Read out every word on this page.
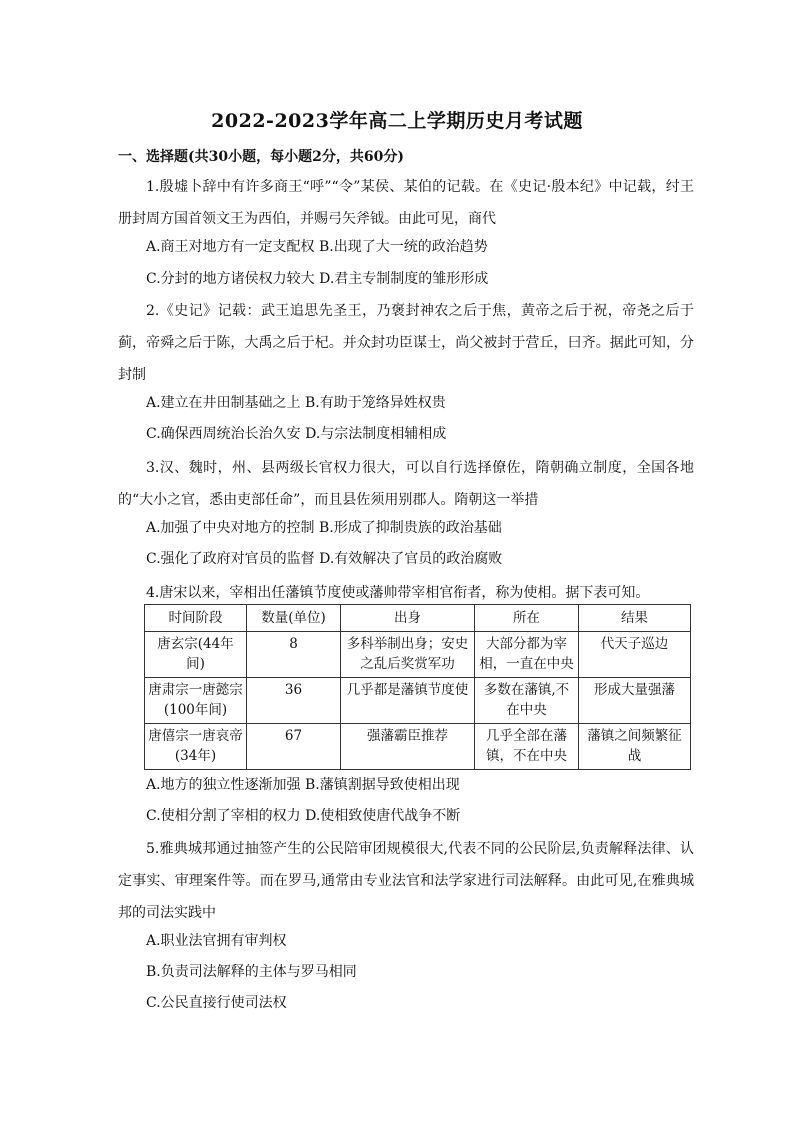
2022-2023学年高二上学期历史月考试题
一、选择题(共30小题，每小题2分，共60分)
1.殷墟卜辞中有许多商王“呼”“令”某侯、某伯的记载。在《史记·殷本纪》中记载，纣王册封周方国首领文王为西伯，并赐弓矢斧钺。由此可见，商代
A.商王对地方有一定支配权 B.出现了大一统的政治趋势
C.分封的地方诸侯权力较大 D.君主专制制度的雏形形成
2.《史记》记载：武王追思先圣王，乃褒封神农之后于焦，黄帝之后于祝，帝尧之后于蓟，帝舜之后于陈，大禹之后于杞。并众封功臣谋士，尚父被封于营丘，曰齐。据此可知，分封制
A.建立在井田制基础之上 B.有助于笼络异姓权贵
C.确保西周统治长治久安 D.与宗法制度相辅相成
3.汉、魏时，州、县两级长官权力很大，可以自行选择僚佐，隋朝确立制度，全国各地的“大小之官，悉由吏部任命”，而且县佐须用别郡人。隋朝这一举措
A.加强了中央对地方的控制 B.形成了抑制贵族的政治基础
C.强化了政府对官员的监督 D.有效解决了官员的政治腐败
4.唐宋以来，宰相出任藩镇节度使或藩帅带宰相官衔者，称为使相。据下表可知。
时间阶段	数量(单位)	出身	所在	结果
唐玄宗(44年间)	8	多科举制出身；安史之乱后奖赏军功	大部分都为宰相，一直在中央	代天子巡边
唐肃宗一唐懿宗(100年间)	36	几乎都是藩镇节度使	多数在藩镇,不在中央	形成大量强藩
唐僖宗一唐哀帝(34年)	67	强藩霸臣推荐	几乎全部在藩镇，不在中央	藩镇之间频繁征战
A.地方的独立性逐渐加强 B.藩镇割据导致使相出现
C.使相分割了宰相的权力 D.使相致使唐代战争不断
5.雅典城邦通过抽签产生的公民陪审团规模很大,代表不同的公民阶层,负责解释法律、认定事实、审理案件等。而在罗马,通常由专业法官和法学家进行司法解释。由此可见,在雅典城邦的司法实践中
A.职业法官拥有审判权
B.负责司法解释的主体与罗马相同
C.公民直接行使司法权
